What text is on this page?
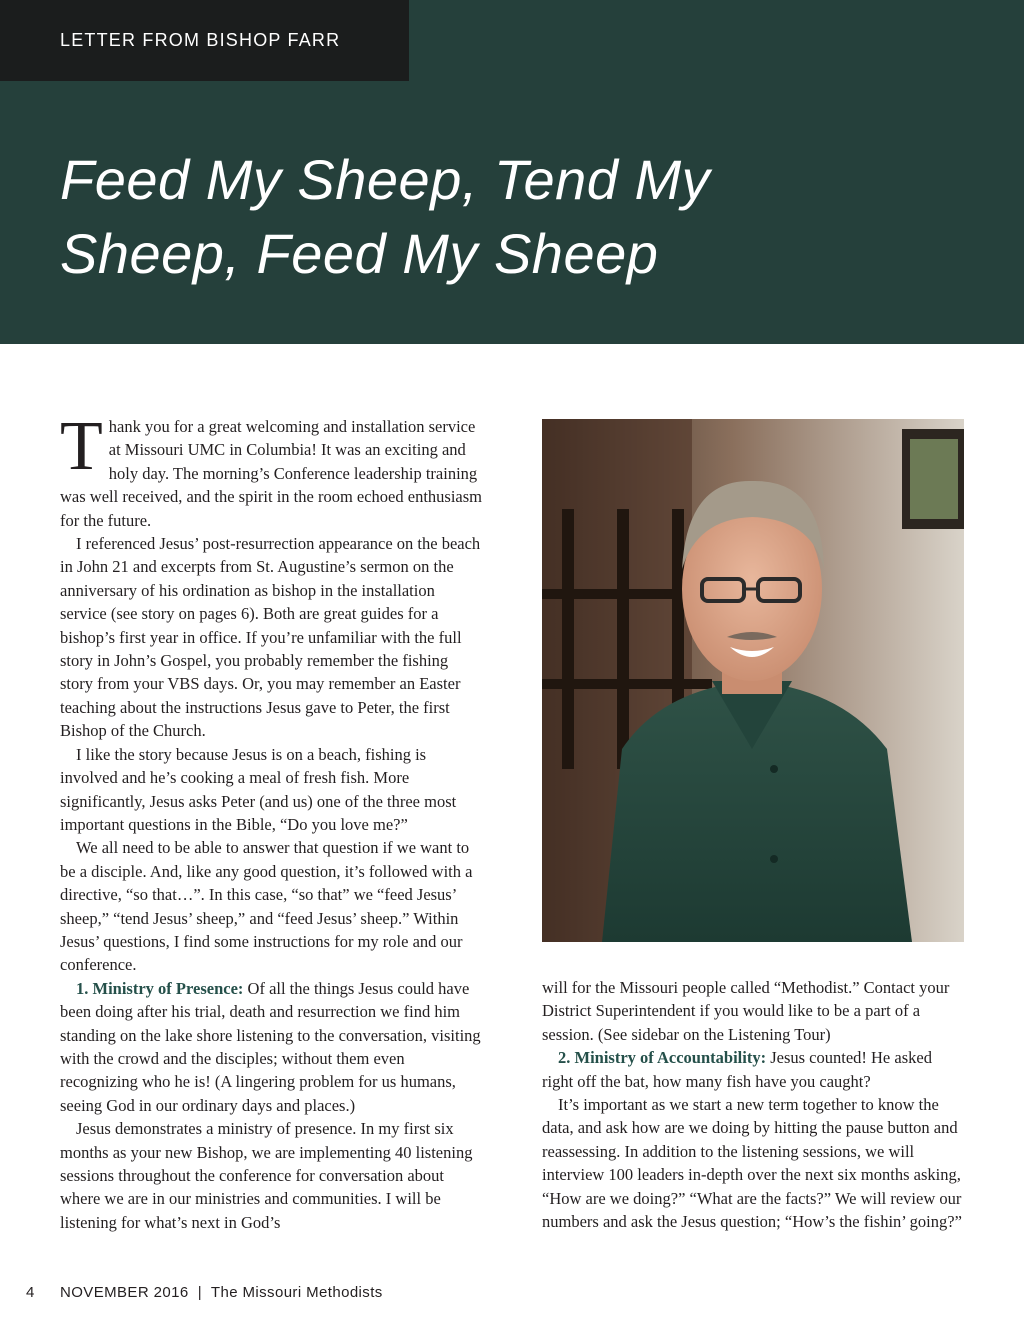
LETTER FROM BISHOP FARR
Feed My Sheep, Tend My
Sheep, Feed My Sheep

Thank you for a great welcoming and installation service at Missouri UMC in Columbia! It was an exciting and holy day. The morning’s Conference leadership training was well received, and the spirit in the room echoed enthusiasm for the future.

I referenced Jesus’ post-resurrection appearance on the beach in John 21 and excerpts from St. Augustine’s sermon on the anniversary of his ordination as bishop in the installation service (see story on pages 6). Both are great guides for a bishop’s first year in office. If you’re unfamiliar with the full story in John’s Gospel, you probably remember the fishing story from your VBS days. Or, you may remember an Easter teaching about the instructions Jesus gave to Peter, the first Bishop of the Church.

I like the story because Jesus is on a beach, fishing is involved and he’s cooking a meal of fresh fish. More significantly, Jesus asks Peter (and us) one of the three most important questions in the Bible, “Do you love me?”

We all need to be able to answer that question if we want to be a disciple. And, like any good question, it’s followed with a directive, “so that…”. In this case, “so that” we “feed Jesus’ sheep,” “tend Jesus’ sheep,” and “feed Jesus’ sheep.” Within Jesus’ questions, I find some instructions for my role and our conference.

1. Ministry of Presence: Of all the things Jesus could have been doing after his trial, death and resurrection we find him standing on the lake shore listening to the conversation, visiting with the crowd and the disciples; without them even recognizing who he is! (A lingering problem for us humans, seeing God in our ordinary days and places.)

Jesus demonstrates a ministry of presence. In my first six months as your new Bishop, we are implementing 40 listening sessions throughout the conference for conversation about where we are in our ministries and communities. I will be listening for what’s next in God’s

will for the Missouri people called “Methodist.” Contact your District Superintendent if you would like to be a part of a session. (See sidebar on the Listening Tour)

2. Ministry of Accountability: Jesus counted! He asked right off the bat, how many fish have you caught?

It’s important as we start a new term together to know the data, and ask how are we doing by hitting the pause button and reassessing. In addition to the listening sessions, we will interview 100 leaders in-depth over the next six months asking, “How are we doing?” “What are the facts?” We will review our numbers and ask the Jesus question; “How’s the fishin’ going?”

4 NOVEMBER 2016 | The Missouri Methodists
